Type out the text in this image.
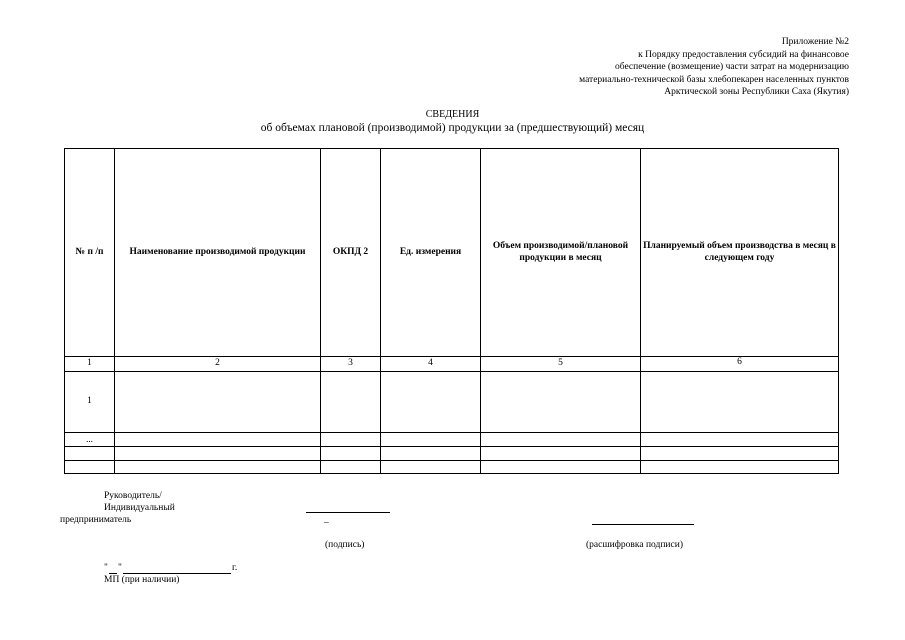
Приложение №2
к Порядку предоставления субсидий на финансовое
обеспечение (возмещение) части затрат на модернизацию
материально-технической базы хлебопекарен населенных пунктов
Арктической зоны Республики Саха (Якутия)
СВЕДЕНИЯ
об объемах плановой (производимой) продукции за (предшествующий) месяц
№ п /п	Наименование производимой продукции	ОКПД 2	Ед. измерения	Объем производимой/плановой продукции в месяц	Планируемый объем производства в месяц в следующем году
1	2	3	4	5	6
1					
...					

Руководитель/
Индивидуальный
предприниматель	–
(подпись)	(расшифровка подписи)
" "	г.
МП (при наличии)
